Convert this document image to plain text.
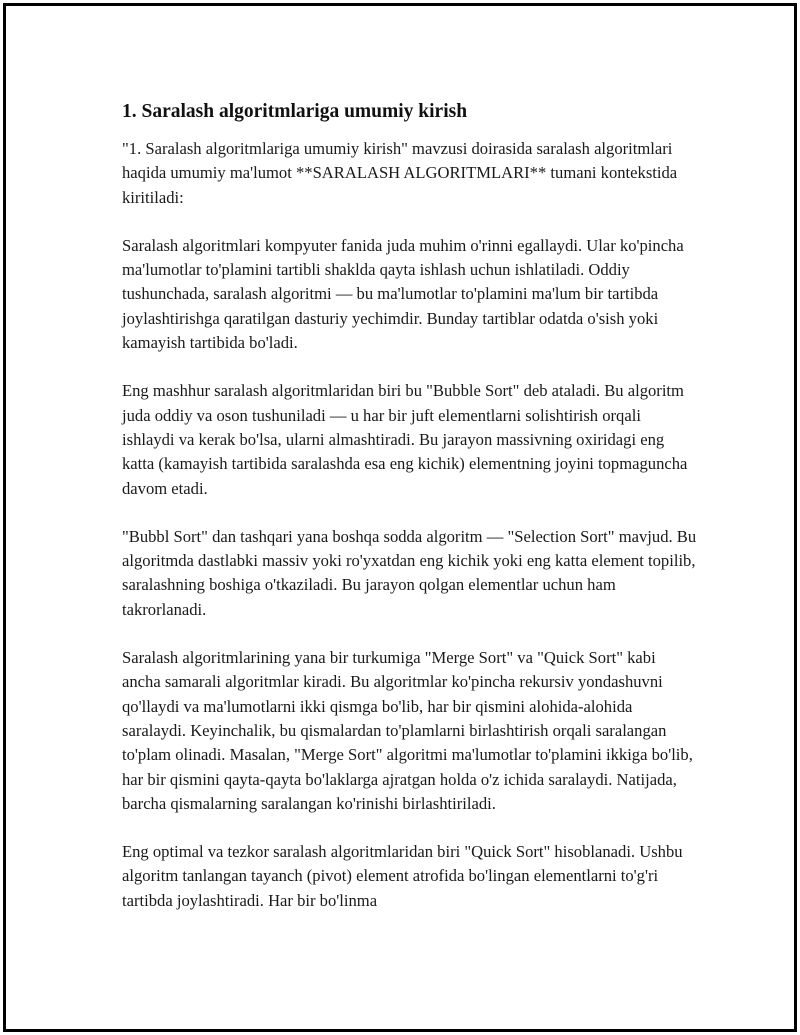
1. Saralash algoritmlariga umumiy kirish

"1. Saralash algoritmlariga umumiy kirish" mavzusi doirasida saralash algoritmlari haqida umumiy ma'lumot **SARALASH ALGORITMLARI** tumani kontekstida kiritiladi:

Saralash algoritmlari kompyuter fanida juda muhim o'rinni egallaydi. Ular ko'pincha ma'lumotlar to'plamini tartibli shaklda qayta ishlash uchun ishlatiladi. Oddiy tushunchada, saralash algoritmi — bu ma'lumotlar to'plamini ma'lum bir tartibda joylashtirishga qaratilgan dasturiy yechimdir. Bunday tartiblar odatda o'sish yoki kamayish tartibida bo'ladi.

Eng mashhur saralash algoritmlaridan biri bu "Bubble Sort" deb ataladi. Bu algoritm juda oddiy va oson tushuniladi — u har bir juft elementlarni solishtirish orqali ishlaydi va kerak bo'lsa, ularni almashtiradi. Bu jarayon massivning oxiridagi eng katta (kamayish tartibida saralashda esa eng kichik) elementning joyini topmaguncha davom etadi.

"Bubbl Sort" dan tashqari yana boshqa sodda algoritm — "Selection Sort" mavjud. Bu algoritmda dastlabki massiv yoki ro'yxatdan eng kichik yoki eng katta element topilib, saralashning boshiga o'tkaziladi. Bu jarayon qolgan elementlar uchun ham takrorlanadi.

Saralash algoritmlarining yana bir turkumiga "Merge Sort" va "Quick Sort" kabi ancha samarali algoritmlar kiradi. Bu algoritmlar ko'pincha rekursiv yondashuvni qo'llaydi va ma'lumotlarni ikki qismga bo'lib, har bir qismini alohida-alohida saralaydi. Keyinchalik, bu qismalardan to'plamlarni birlashtirish orqali saralangan to'plam olinadi. Masalan, "Merge Sort" algoritmi ma'lumotlar to'plamini ikkiga bo'lib, har bir qismini qayta-qayta bo'laklarga ajratgan holda o'z ichida saralaydi. Natijada, barcha qismalarning saralangan ko'rinishi birlashtiriladi.

Eng optimal va tezkor saralash algoritmlaridan biri "Quick Sort" hisoblanadi. Ushbu algoritm tanlangan tayanch (pivot) element atrofida bo'lingan elementlarni to'g'ri tartibda joylashtiradi. Har bir bo'linma
